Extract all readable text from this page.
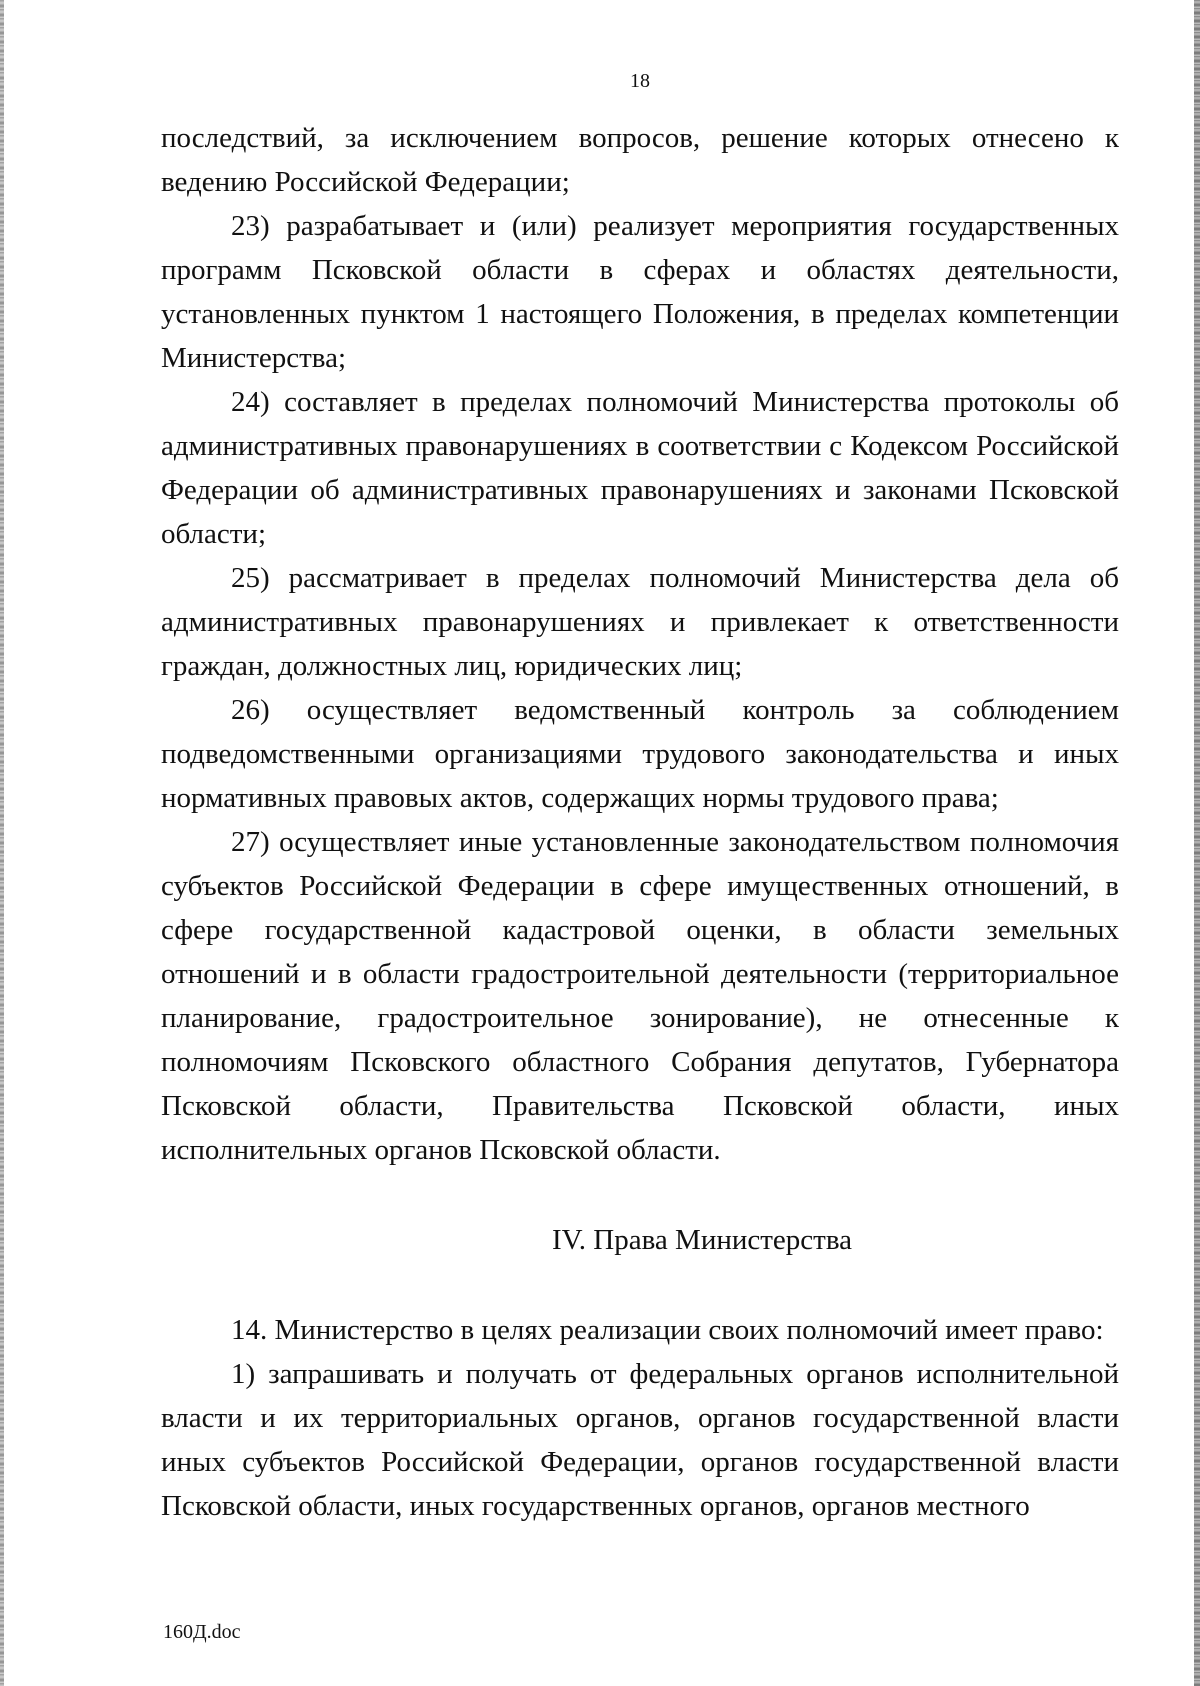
18

последствий, за исключением вопросов, решение которых отнесено к ведению Российской Федерации;

23) разрабатывает и (или) реализует мероприятия государственных программ Псковской области в сферах и областях деятельности, установленных пунктом 1 настоящего Положения, в пределах компетенции Министерства;

24) составляет в пределах полномочий Министерства протоколы об административных правонарушениях в соответствии с Кодексом Российской Федерации об административных правонарушениях и законами Псковской области;

25) рассматривает в пределах полномочий Министерства дела об административных правонарушениях и привлекает к ответственности граждан, должностных лиц, юридических лиц;

26) осуществляет ведомственный контроль за соблюдением подведомственными организациями трудового законодательства и иных нормативных правовых актов, содержащих нормы трудового права;

27) осуществляет иные установленные законодательством полномочия субъектов Российской Федерации в сфере имущественных отношений, в сфере государственной кадастровой оценки, в области земельных отношений и в области градостроительной деятельности (территориальное планирование, градостроительное зонирование), не отнесенные к полномочиям Псковского областного Собрания депутатов, Губернатора Псковской области, Правительства Псковской области, иных исполнительных органов Псковской области.

IV. Права Министерства

14. Министерство в целях реализации своих полномочий имеет право:

1) запрашивать и получать от федеральных органов исполнительной власти и их территориальных органов, органов государственной власти иных субъектов Российской Федерации, органов государственной власти Псковской области, иных государственных органов, органов местного

160Д.doc
